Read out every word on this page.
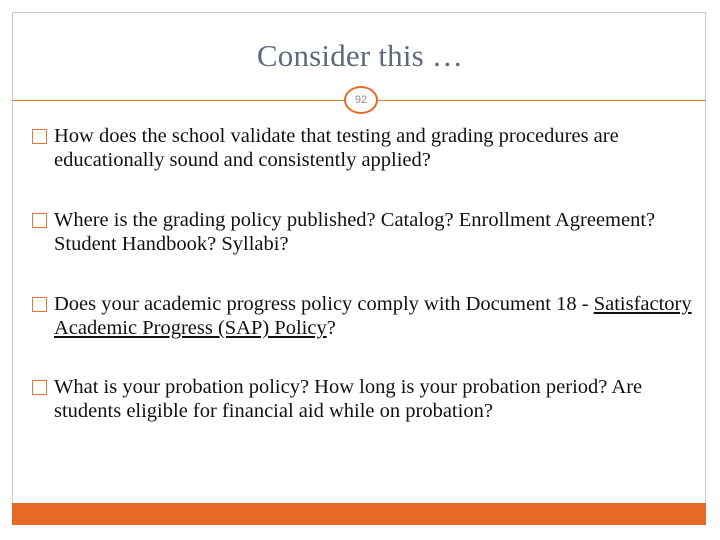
Consider this …
92
How does the school validate that testing and grading procedures are educationally sound and consistently applied?
Where is the grading policy published? Catalog? Enrollment Agreement? Student Handbook? Syllabi?
Does your academic progress policy comply with Document 18 - Satisfactory Academic Progress (SAP) Policy?
What is your probation policy? How long is your probation period? Are students eligible for financial aid while on probation?
